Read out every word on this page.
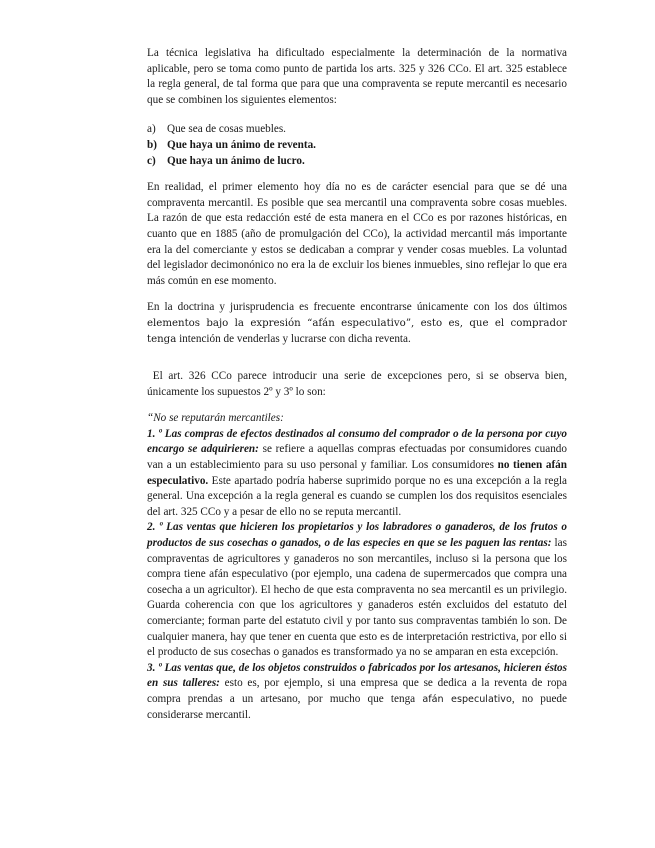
La técnica legislativa ha dificultado especialmente la determinación de la normativa aplicable, pero se toma como punto de partida los arts. 325 y 326 CCo. El art. 325 establece la regla general, de tal forma que para que una compraventa se repute mercantil es necesario que se combinen los siguientes elementos:

a)	Que sea de cosas muebles.
b) Que haya un ánimo de reventa.
c)	Que haya un ánimo de lucro.

En realidad, el primer elemento hoy día no es de carácter esencial para que se dé una compraventa mercantil. Es posible que sea mercantil una compraventa sobre cosas muebles. La razón de que esta redacción esté de esta manera en el CCo es por razones históricas, en cuanto que en 1885 (año de promulgación del CCo), la actividad mercantil más importante era la del comerciante y estos se dedicaban a comprar y vender cosas muebles. La voluntad del legislador decimonónico no era la de excluir los bienes inmuebles, sino reflejar lo que era más común en ese momento.

En la doctrina y jurisprudencia es frecuente encontrarse únicamente con los dos últimos elementos bajo la expresión “afán especulativo”, esto es, que el comprador tenga intención de venderlas y lucrarse con dicha reventa.

El art. 326 CCo parece introducir una serie de excepciones pero, si se observa bien, únicamente los supuestos 2º y 3º lo son:

“No se reputarán mercantiles:

1. º Las compras de efectos destinados al consumo del comprador o de la persona por cuyo encargo se adquirieren: se refiere a aquellas compras efectuadas por consumidores cuando van a un establecimiento para su uso personal y familiar. Los consumidores no tienen afán especulativo. Este apartado podría haberse suprimido porque no es una excepción a la regla general. Una excepción a la regla general es cuando se cumplen los dos requisitos esenciales del art. 325 CCo y a pesar de ello no se reputa mercantil.

2. º Las ventas que hicieren los propietarios y los labradores o ganaderos, de los frutos o productos de sus cosechas o ganados, o de las especies en que se les paguen las rentas: las compraventas de agricultores y ganaderos no son mercantiles, incluso si la persona que los compra tiene afán especulativo (por ejemplo, una cadena de supermercados que compra una cosecha a un agricultor). El hecho de que esta compraventa no sea mercantil es un privilegio. Guarda coherencia con que los agricultores y ganaderos estén excluidos del estatuto del comerciante; forman parte del estatuto civil y por tanto sus compraventas también lo son. De cualquier manera, hay que tener en cuenta que esto es de interpretación restrictiva, por ello si el producto de sus cosechas o ganados es transformado ya no se amparan en esta excepción.

3. º Las ventas que, de los objetos construidos o fabricados por los artesanos, hicieren éstos en sus talleres: esto es, por ejemplo, si una empresa que se dedica a la reventa de ropa compra prendas a un artesano, por mucho que tenga afán especulativo, no puede considerarse mercantil.
